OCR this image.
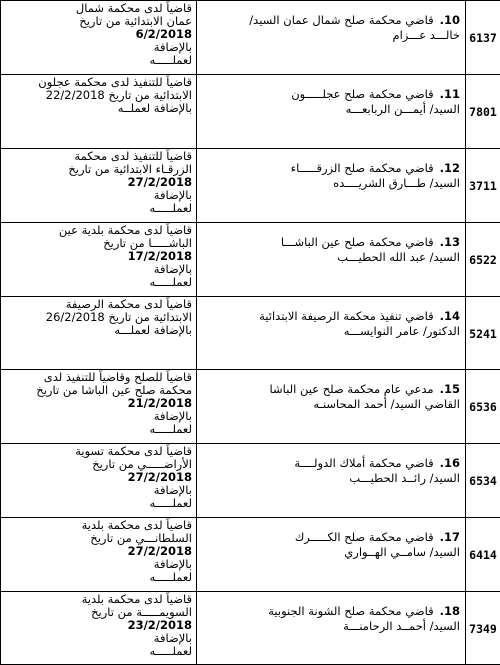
قاضياً لدى محكمة شمال
عمان الابتدائية من تاريخ
6/2/2018
بالإضافة
لعملـــــه	10.قاضي محكمة صلح شمال عمان السيد/
خالـــد عـــزام	6137

قاضياً للتنفيذ لدى محكمة عجلون
الابتدائية من تاريخ 22/2/2018
بالإضافة لعملــه	11.قاضي محكمة صلح عجلـــــون
السيد/ أيمـــن الربابعـــه	7801

قاضياً للتنفيذ لدى محكمة
الزرقـاء الابتدائية من تاريخ
27/2/2018
بالإضافة
لعملـــــه	12.قاضي محكمة صلح الزرقـــــاء
السيد/ طـــارق الشريــــده	3711

قاضياً لدى محكمة بلدية عين
الباشـــــا من تاريخ
17/2/2018
بالإضافة
لعملـــــه	13.قاضي محكمة صلح عين الباشـــا
السيد/ عبد الله الحطيـــب	6522

قاضياً لدى محكمة الرصيفة
الابتدائية من تاريخ 26/2/2018
بالإضافة لعملـــه	14.قاضي تنفيذ محكمة الرصيفة الابتدائية
الدكتور/ عامر النوايســـه	5241

قاضياً للصلح وقاضياً للتنفيذ لدى
محكمة صلح عين الباشا من تاريخ
21/2/2018
بالإضافة
لعملـــــه	15.مدعي عام محكمة صلح عين الباشا
القاضي السيد/ أحمد المحاسنـه	6536

قاضياً لدى محكمة تسوية
الأراضـــــي من تاريخ
27/2/2018
بالإضافة
لعملـــــه	16.قاضي محكمة أملاك الدولــــة
السيد/ رائــد الحطيـــب	6534

قاضياً لدى محكمة بلدية
السلطانـــي من تاريخ
27/2/2018
بالإضافة
لعملـــــه	17.قاضي محكمة صلح الكـــــرك
السيد/ سامــي الهــواري	6414

قاضياً لدى محكمة بلدية
السويمـــــة من تاريخ
23/2/2018
بالإضافة
لعملـــــه	18.قاضي محكمة صلح الشونة الجنوبية
السيد/ أحمــد الرحامنـــة	7349
